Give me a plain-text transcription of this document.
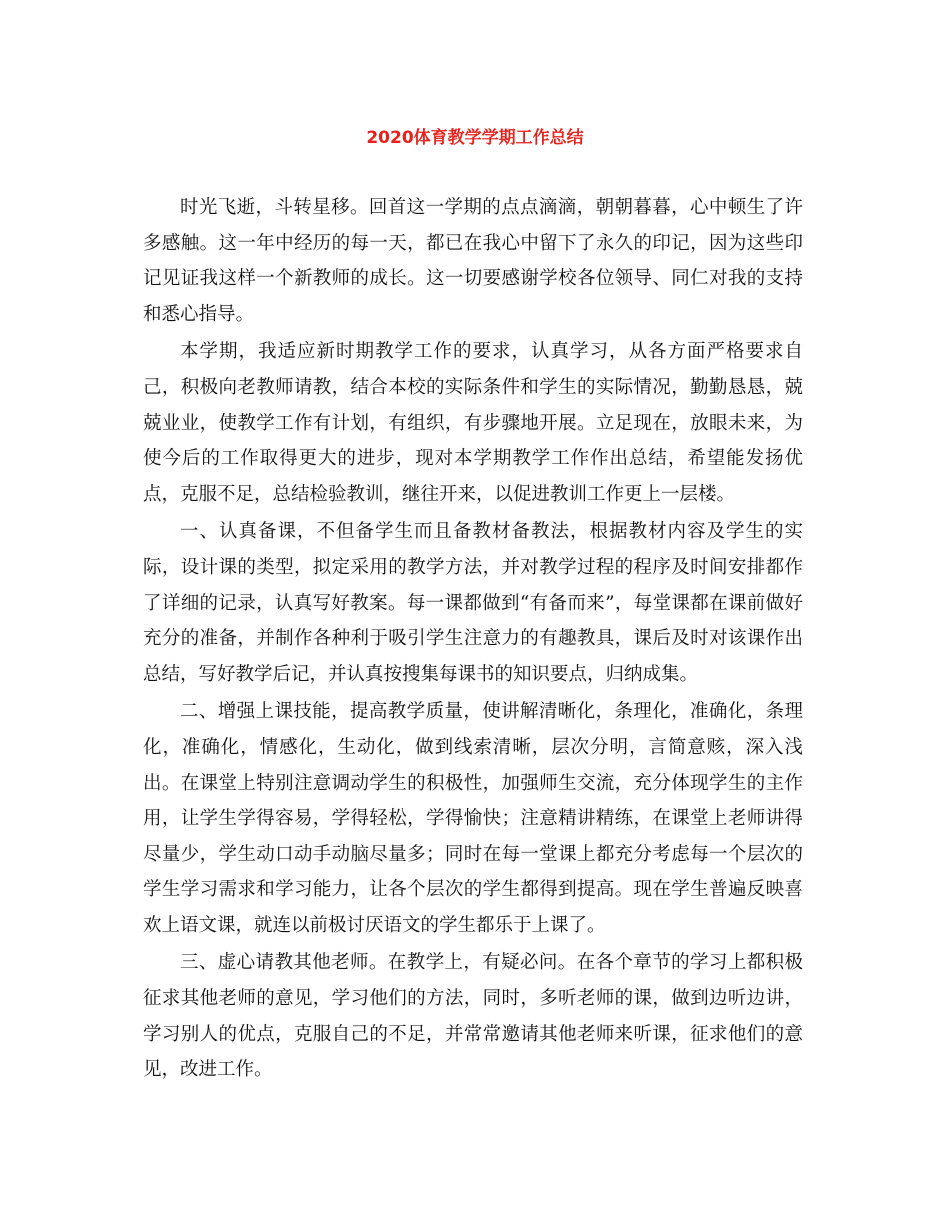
2020体育教学学期工作总结

时光飞逝，斗转星移。回首这一学期的点点滴滴，朝朝暮暮，心中顿生了许多感触。这一年中经历的每一天，都已在我心中留下了永久的印记，因为这些印记见证我这样一个新教师的成长。这一切要感谢学校各位领导、同仁对我的支持和悉心指导。

本学期，我适应新时期教学工作的要求，认真学习，从各方面严格要求自己，积极向老教师请教，结合本校的实际条件和学生的实际情况，勤勤恳恳，兢兢业业，使教学工作有计划，有组织，有步骤地开展。立足现在，放眼未来，为使今后的工作取得更大的进步，现对本学期教学工作作出总结，希望能发扬优点，克服不足，总结检验教训，继往开来，以促进教训工作更上一层楼。

一、认真备课，不但备学生而且备教材备教法，根据教材内容及学生的实际，设计课的类型，拟定采用的教学方法，并对教学过程的程序及时间安排都作了详细的记录，认真写好教案。每一课都做到“有备而来”，每堂课都在课前做好充分的准备，并制作各种利于吸引学生注意力的有趣教具，课后及时对该课作出总结，写好教学后记，并认真按搜集每课书的知识要点，归纳成集。

二、增强上课技能，提高教学质量，使讲解清晰化，条理化，准确化，条理化，准确化，情感化，生动化，做到线索清晰，层次分明，言简意赅，深入浅出。在课堂上特别注意调动学生的积极性，加强师生交流，充分体现学生的主作用，让学生学得容易，学得轻松，学得愉快；注意精讲精练，在课堂上老师讲得尽量少，学生动口动手动脑尽量多；同时在每一堂课上都充分考虑每一个层次的学生学习需求和学习能力，让各个层次的学生都得到提高。现在学生普遍反映喜欢上语文课，就连以前极讨厌语文的学生都乐于上课了。

三、虚心请教其他老师。在教学上，有疑必问。在各个章节的学习上都积极征求其他老师的意见，学习他们的方法，同时，多听老师的课，做到边听边讲，学习别人的优点，克服自己的不足，并常常邀请其他老师来听课，征求他们的意见，改进工作。
